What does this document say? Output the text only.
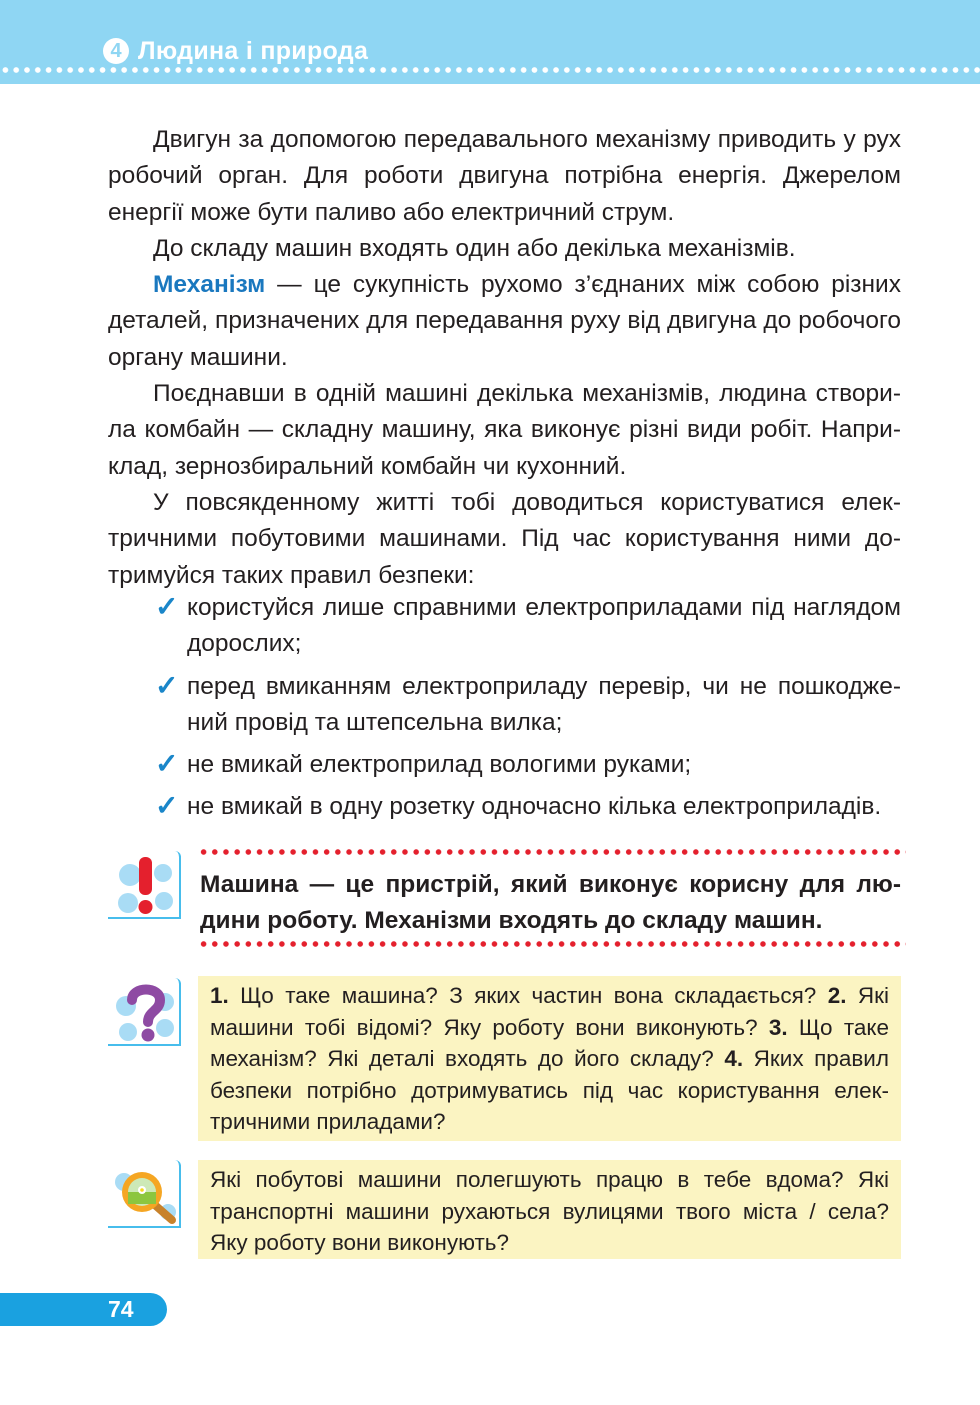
4 Людина і природа

Двигун за допомогою передавального механізму приводить у рух робочий орган. Для роботи двигуна потрібна енергія. Джерелом енергії може бути паливо або електричний струм.

До складу машин входять один або декілька механізмів.

Механізм — це сукупність рухомо з’єднаних між собою різних деталей, призначених для передавання руху від двигуна до робочого органу машини.

Поєднавши в одній машині декілька механізмів, людина створила комбайн — складну машину, яка виконує різні види робіт. Наприклад, зернозбиральний комбайн чи кухонний.

У повсякденному житті тобі доводиться користуватися електричними побутовими машинами. Під час користування ними дотримуйся таких правил безпеки:

✓ користуйся лише справними електроприладами під наглядом дорослих;
✓ перед вмиканням електроприладу перевір, чи не пошкоджений провід та штепсельна вилка;
✓ не вмикай електроприлад вологими руками;
✓ не вмикай в одну розетку одночасно кілька електроприладів.

Машина — це пристрій, який виконує корисну для людини роботу. Механізми входять до складу машин.

1. Що таке машина? З яких частин вона складається? 2. Які машини тобі відомі? Яку роботу вони виконують? 3. Що таке механізм? Які деталі входять до його складу? 4. Яких правил безпеки потрібно дотримуватись під час користування електричними приладами?
Які побутові машини полегшують працю в тебе вдома? Які транспортні машини рухаються вулицями твого міста / села? Яку роботу вони виконують?
74
